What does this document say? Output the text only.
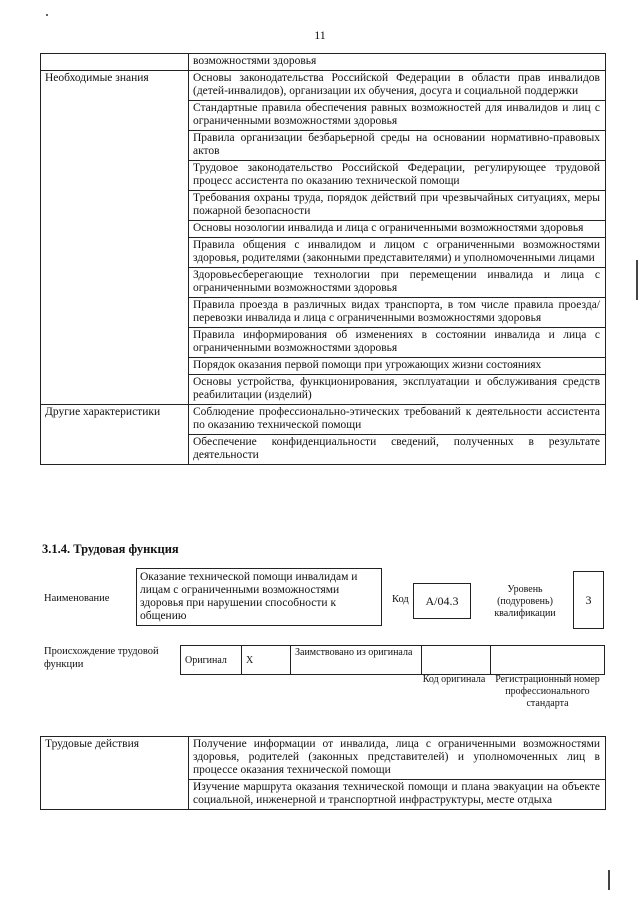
11
	возможностями здоровья
Необходимые знания	Основы законодательства Российской Федерации в области прав инвалидов (детей-инвалидов), организации их обучения, досуга и социальной поддержки
	Стандартные правила обеспечения равных возможностей для инвалидов и лиц с ограниченными возможностями здоровья
	Правила организации безбарьерной среды на основании нормативно-правовых актов
	Трудовое законодательство Российской Федерации, регулирующее трудовой процесс ассистента по оказанию технической помощи
	Требования охраны труда, порядок действий при чрезвычайных ситуациях, меры пожарной безопасности
	Основы нозологии инвалида и лица с ограниченными возможностями здоровья
	Правила общения с инвалидом и лицом с ограниченными возможностями здоровья, родителями (законными представителями) и уполномоченными лицами
	Здоровьесберегающие технологии при перемещении инвалида и лица с ограниченными возможностями здоровья
	Правила проезда в различных видах транспорта, в том числе правила проезда/перевозки инвалида и лица с ограниченными возможностями здоровья
	Правила информирования об изменениях в состоянии инвалида и лица с ограниченными возможностями здоровья
	Порядок оказания первой помощи при угрожающих жизни состояниях
	Основы устройства, функционирования, эксплуатации и обслуживания средств реабилитации (изделий)
Другие характеристики	Соблюдение профессионально-этических требований к деятельности ассистента по оказанию технической помощи
	Обеспечение конфиденциальности сведений, полученных в результате деятельности
3.1.4. Трудовая функция
Наименование
Оказание технической помощи инвалидам и лицам с ограниченными возможностями здоровья при нарушении способности к общению
Код	А/04.3
Уровень (подуровень) квалификации
3
Происхождение трудовой функции	Оригинал	X	Заимствовано из оригинала		
Код оригинала Регистрационный номер профессионального стандарта
Трудовые действия	Получение информации от инвалида, лица с ограниченными возможностями здоровья, родителей (законных представителей) и уполномоченных лиц в процессе оказания технической помощи
	Изучение маршрута оказания технической помощи и плана эвакуации на объекте социальной, инженерной и транспортной инфраструктуры, месте отдыха
